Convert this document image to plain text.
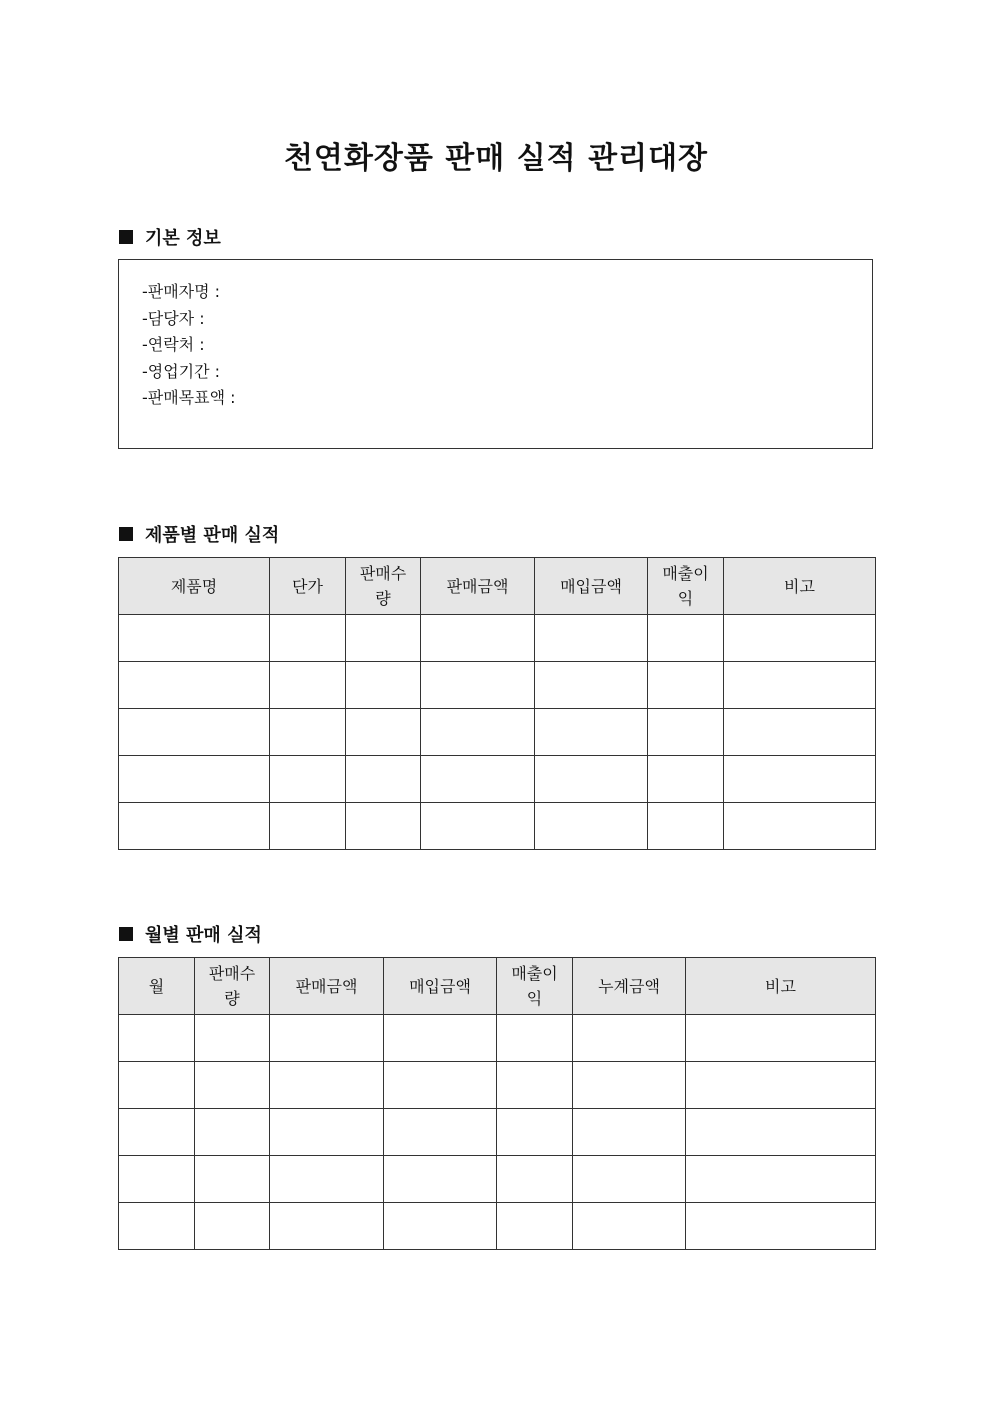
천연화장품 판매 실적 관리대장
기본 정보
-판매자명 :
-담당자 :
-연락처 :
-영업기간 :
-판매목표액 :
제품별 판매 실적
제품명	단가	판매수량	판매금액	매입금액	매출이익	비고

월별 판매 실적
월	판매수량	판매금액	매입금액	매출이익	누계금액	비고
